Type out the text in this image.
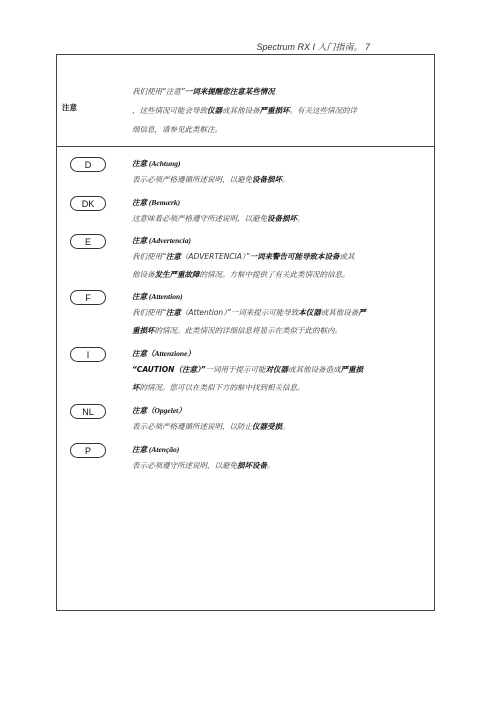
Spectrum RX I 入门指南。 7
注意
我们使用“注意”一词来提醒您注意某些情况
，这些情况可能会导致仪器或其他设备严重损坏。有关这些情况的详
细信息，请参见此类框注。
D	注意 (Achtung)
表示必须严格遵循所述说明，以避免设备损坏。
DK	注意 (Bemærk)
这意味着必须严格遵守所述说明，以避免设备损坏。
E	注意 (Advertencia)
我们使用“注意（ADVERTENCIA）”一词来警告可能导致本设备或其
他设备发生严重故障的情况。方框中提供了有关此类情况的信息。
F	注意 (Attention)
我们使用“注意（Attention）”一词来提示可能导致本仪器或其他设备严
重损坏的情况。此类情况的详细信息将显示在类似于此的框内。
I	注意（Attenzione）
“CAUTION（注意）”一词用于提示可能对仪器或其他设备造成严重损
坏的情况。您可以在类似下方的框中找到相关信息。
NL	注意（Opgelet）
表示必须严格遵循所述说明，以防止仪器受损。
P	注意 (Atenção)
表示必须遵守所述说明，以避免损坏设备。
